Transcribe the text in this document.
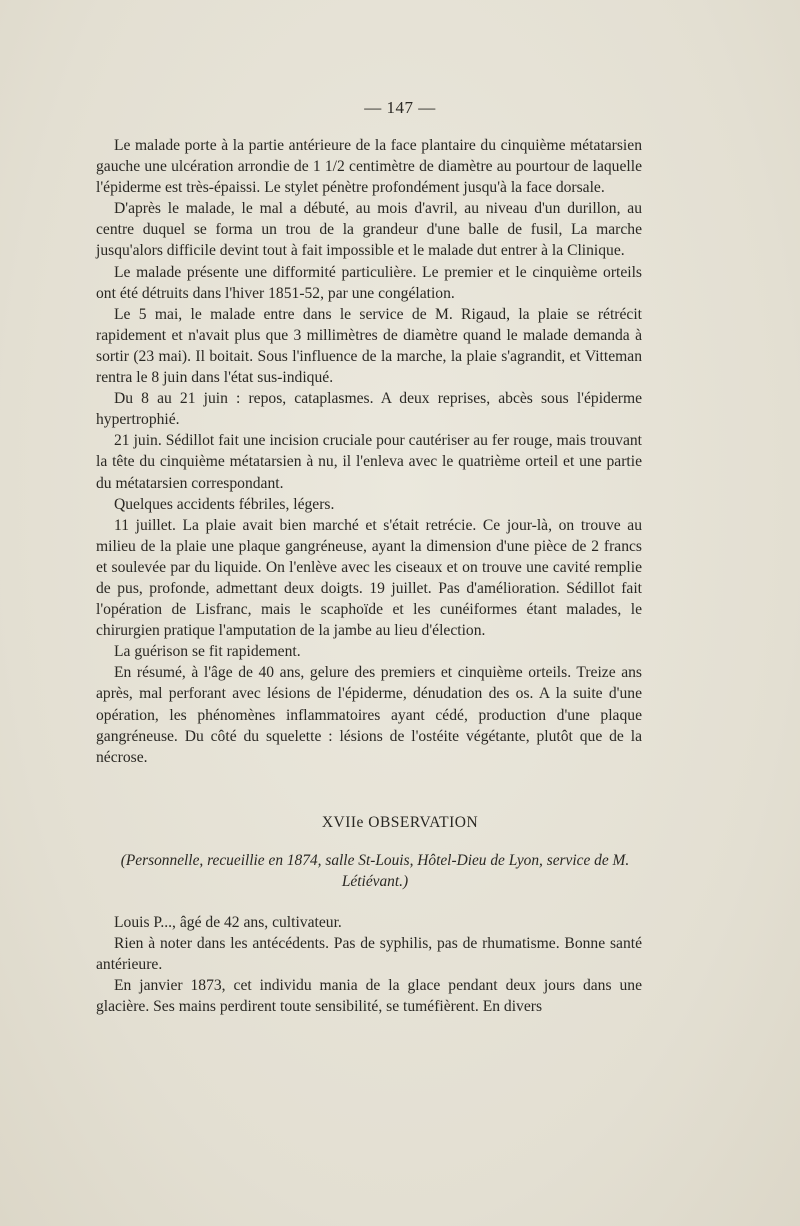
— 147 —

Le malade porte à la partie antérieure de la face plantaire du cinquième métatarsien gauche une ulcération arrondie de 1 1/2 centimètre de diamètre au pourtour de laquelle l'épiderme est très-épaissi. Le stylet pénètre profondément jusqu'à la face dorsale.

D'après le malade, le mal a débuté, au mois d'avril, au niveau d'un durillon, au centre duquel se forma un trou de la grandeur d'une balle de fusil, La marche jusqu'alors difficile devint tout à fait impossible et le malade dut entrer à la Clinique.

Le malade présente une difformité particulière. Le premier et le cinquième orteils ont été détruits dans l'hiver 1851-52, par une congélation.

Le 5 mai, le malade entre dans le service de M. Rigaud, la plaie se rétrécit rapidement et n'avait plus que 3 millimètres de diamètre quand le malade demanda à sortir (23 mai). Il boitait. Sous l'influence de la marche, la plaie s'agrandit, et Vitteman rentra le 8 juin dans l'état sus-indiqué.

Du 8 au 21 juin : repos, cataplasmes. A deux reprises, abcès sous l'épiderme hypertrophié.

21 juin. Sédillot fait une incision cruciale pour cautériser au fer rouge, mais trouvant la tête du cinquième métatarsien à nu, il l'enleva avec le quatrième orteil et une partie du métatarsien correspondant.

Quelques accidents fébriles, légers.

11 juillet. La plaie avait bien marché et s'était retrécie. Ce jour-là, on trouve au milieu de la plaie une plaque gangréneuse, ayant la dimension d'une pièce de 2 francs et soulevée par du liquide. On l'enlève avec les ciseaux et on trouve une cavité remplie de pus, profonde, admettant deux doigts. 19 juillet. Pas d'amélioration. Sédillot fait l'opération de Lisfranc, mais le scaphoïde et les cunéiformes étant malades, le chirurgien pratique l'amputation de la jambe au lieu d'élection.

La guérison se fit rapidement.

En résumé, à l'âge de 40 ans, gelure des premiers et cinquième orteils. Treize ans après, mal perforant avec lésions de l'épiderme, dénudation des os. A la suite d'une opération, les phénomènes inflammatoires ayant cédé, production d'une plaque gangréneuse. Du côté du squelette : lésions de l'ostéite végétante, plutôt que de la nécrose.

XVIIe OBSERVATION
(Personnelle, recueillie en 1874, salle St-Louis, Hôtel-Dieu de Lyon, service de M. Létiévant.)

Louis P..., âgé de 42 ans, cultivateur.

Rien à noter dans les antécédents. Pas de syphilis, pas de rhumatisme. Bonne santé antérieure.

En janvier 1873, cet individu mania de la glace pendant deux jours dans une glacière. Ses mains perdirent toute sensibilité, se tuméfièrent. En divers
